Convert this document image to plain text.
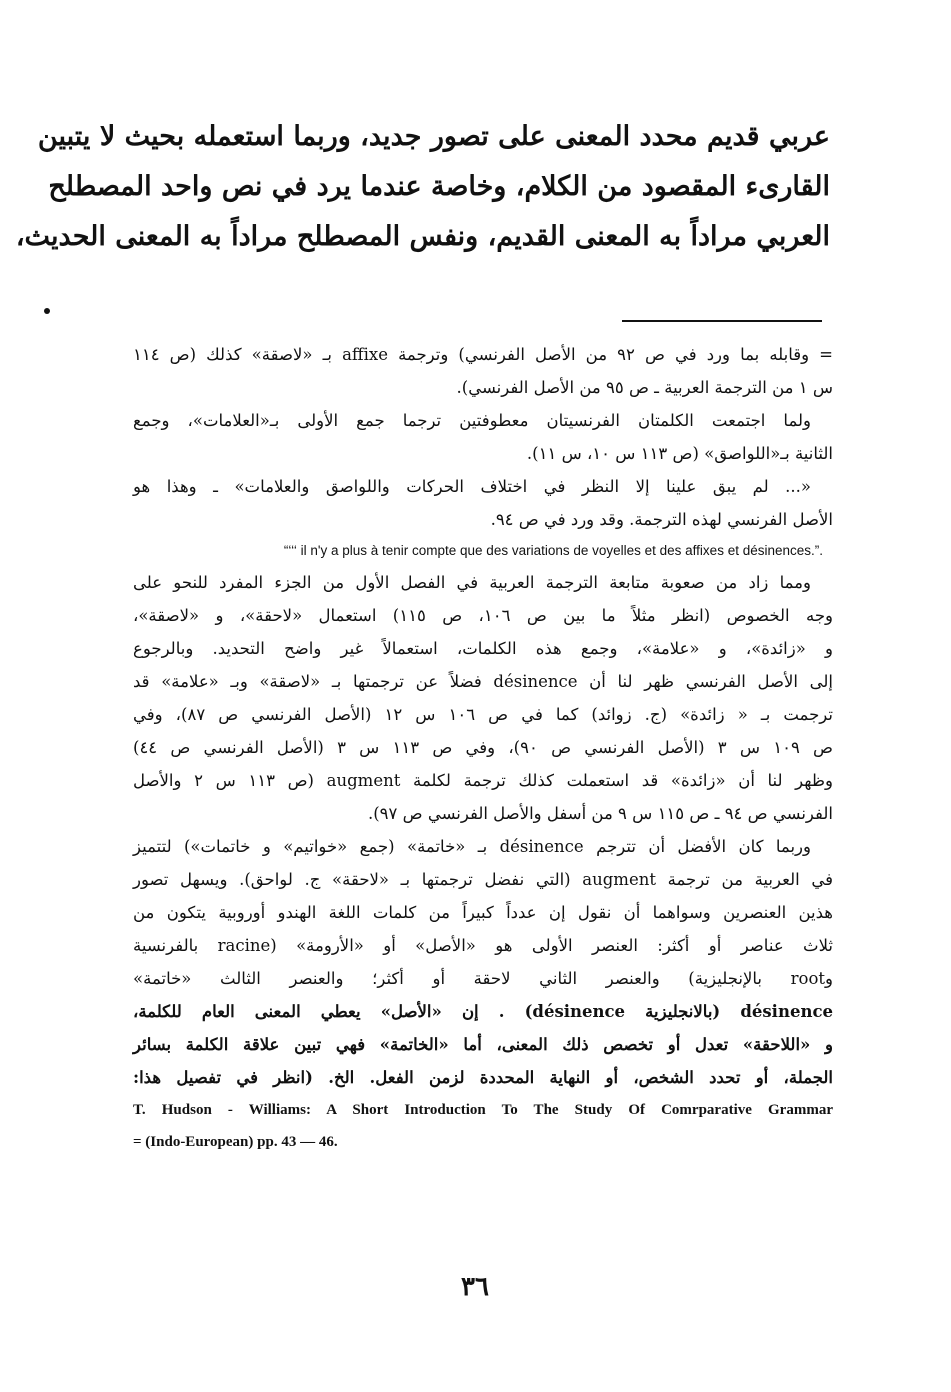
عربي قديم محدد المعنى على تصور جديد، وربما استعمله بحيث لا يتبين

القارىء المقصود من الكلام، وخاصة عندما يرد في نص واحد المصطلح

العربي مراداً به المعنى القديم، ونفس المصطلح مراداً به المعنى الحديث،

= وقابله بما ورد في ص ٩٢ من الأصل الفرنسي) وترجمة affixe بـ «لاصقة» كذلك (ص ١١٤

س ١ من الترجمة العربية ـ ص ٩٥ من الأصل الفرنسي).

ولما اجتمعت الكلمتان الفرنسيتان معطوفتين ترجما جمع الأولى بـ«العلامات»، وجمع

الثانية بـ«اللواصق» (ص ١١٣ س ١٠، س ١١).

«... لم يبق علينا إلا النظر في اختلاف الحركات واللواصق والعلامات» ـ وهذا هو

الأصل الفرنسي لهذه الترجمة. وقد ورد في ص ٩٤.

“‘‘‘ il n'y a plus à tenir compte que des variations de voyelles et des affixes et désinences.”.

ومما زاد من صعوبة متابعة الترجمة العربية في الفصل الأول من الجزء المفرد للنحو على

وجه الخصوص (انظر مثلاً ما بين ص ١٠٦، ص ١١٥) استعمال «لاحقة»، و «لاصقة»،

و «زائدة»، و «علامة»، وجمع هذه الكلمات، استعمالاً غير واضح التحديد. وبالرجوع

إلى الأصل الفرنسي ظهر لنا أن désinence فضلاً عن ترجمتها بـ «لاصقة» وبـ «علامة» قد

ترجمت بـ « زائدة» (ج. زوائد) كما في ص ١٠٦ س ١٢ (الأصل الفرنسي ص ٨٧)، وفي

ص ١٠٩ س ٣ (الأصل الفرنسي ص ٩٠)، وفي ص ١١٣ س ٣ (الأصل الفرنسي ص ٤٤)

وظهر لنا أن «زائدة» قد استعملت كذلك ترجمة لكلمة augment (ص ١١٣ س ٢ والأصل

الفرنسي ص ٩٤ ـ ص ١١٥ س ٩ من أسفل والأصل الفرنسي ص ٩٧).

وربما كان الأفضل أن تترجم désinence بـ «خاتمة» (جمع «خواتيم» و خاتمات») لتتميز

في العربية من ترجمة augment (التي نفضل ترجمتها بـ «لاحقة» ج. لواحق). ويسهل تصور

هذين العنصرين وسواهما أن نقول إن عدداً كبيراً من كلمات اللغة الهندو أوروبية يتكون من

ثلاث عناصر أو أكثر: العنصر الأولى هو «الأصل» أو «الأرومة» (racine بالفرنسية

وroot بالإنجليزية) والعنصر الثاني لاحقة أو أكثر؛ والعنصر الثالث «خاتمة»

désinence (بالانجليزية désinence) . إن «الأصل» يعطي المعنى العام للكلمة،

و «اللاحقة» تعدل أو تخصص ذلك المعنى، أما «الخاتمة» فهي تبين علاقة الكلمة بسائر

الجملة، أو تحدد الشخص، أو النهاية المحددة لزمن الفعل. الخ. (انظر في تفصيل هذا:

T. Hudson - Williams: A Short Introduction To The Study Of Comrparative Grammar

= (Indo-European) pp. 43 — 46.

٣٦
